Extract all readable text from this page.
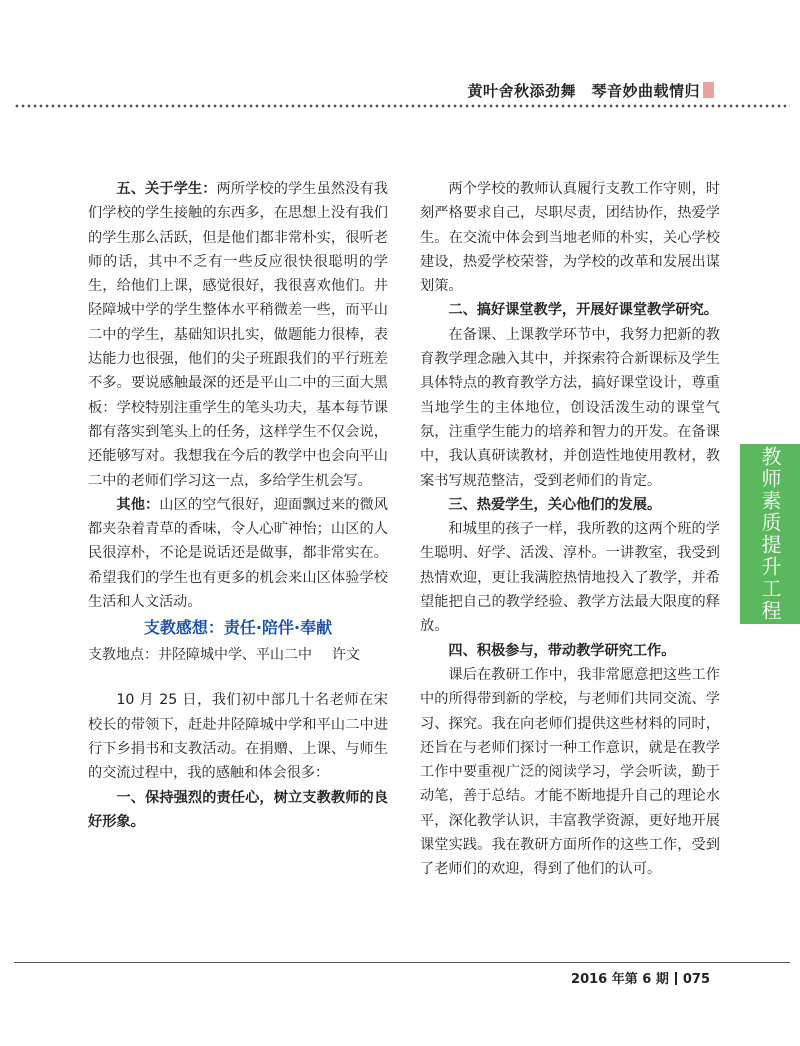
黄叶舍秋添劲舞　琴音妙曲载情归

五、关于学生：两所学校的学生虽然没有我们学校的学生接触的东西多，在思想上没有我们的学生那么活跃，但是他们都非常朴实，很听老师的话，其中不乏有一些反应很快很聪明的学生，给他们上课，感觉很好，我很喜欢他们。井陉障城中学的学生整体水平稍微差一些，而平山二中的学生，基础知识扎实，做题能力很棒，表达能力也很强，他们的尖子班跟我们的平行班差不多。要说感触最深的还是平山二中的三面大黑板：学校特别注重学生的笔头功夫，基本每节课都有落实到笔头上的任务，这样学生不仅会说，还能够写对。我想我在今后的教学中也会向平山二中的老师们学习这一点，多给学生机会写。

其他：山区的空气很好，迎面飘过来的微风都夹杂着青草的香味，令人心旷神怡；山区的人民很淳朴，不论是说话还是做事，都非常实在。希望我们的学生也有更多的机会来山区体验学校生活和人文活动。

支教感想：责任·陪伴·奉献

支教地点：井陉障城中学、平山二中 许文

10 月 25 日，我们初中部几十名老师在宋校长的带领下，赶赴井陉障城中学和平山二中进行下乡捐书和支教活动。在捐赠、上课、与师生的交流过程中，我的感触和体会很多：

一、保持强烈的责任心，树立支教教师的良好形象。

两个学校的教师认真履行支教工作守则，时刻严格要求自己，尽职尽责，团结协作，热爱学生。在交流中体会到当地老师的朴实，关心学校建设，热爱学校荣誉，为学校的改革和发展出谋划策。

二、搞好课堂教学，开展好课堂教学研究。

在备课、上课教学环节中，我努力把新的教育教学理念融入其中，并探索符合新课标及学生具体特点的教育教学方法，搞好课堂设计，尊重当地学生的主体地位，创设活泼生动的课堂气氛，注重学生能力的培养和智力的开发。在备课中，我认真研读教材，并创造性地使用教材，教案书写规范整洁，受到老师们的肯定。

三、热爱学生，关心他们的发展。

和城里的孩子一样，我所教的这两个班的学生聪明、好学、活泼、淳朴。一讲教室，我受到热情欢迎，更让我满腔热情地投入了教学，并希望能把自己的教学经验、教学方法最大限度的释放。

四、积极参与，带动教学研究工作。

课后在教研工作中，我非常愿意把这些工作中的所得带到新的学校，与老师们共同交流、学习、探究。我在向老师们提供这些材料的同时，还旨在与老师们探讨一种工作意识，就是在教学工作中要重视广泛的阅读学习，学会听读，勤于动笔，善于总结。才能不断地提升自己的理论水平，深化教学认识，丰富教学资源，更好地开展课堂实践。我在教研方面所作的这些工作，受到了老师们的欢迎，得到了他们的认可。

教师素质提升工程
2016 年第 6 期 075
